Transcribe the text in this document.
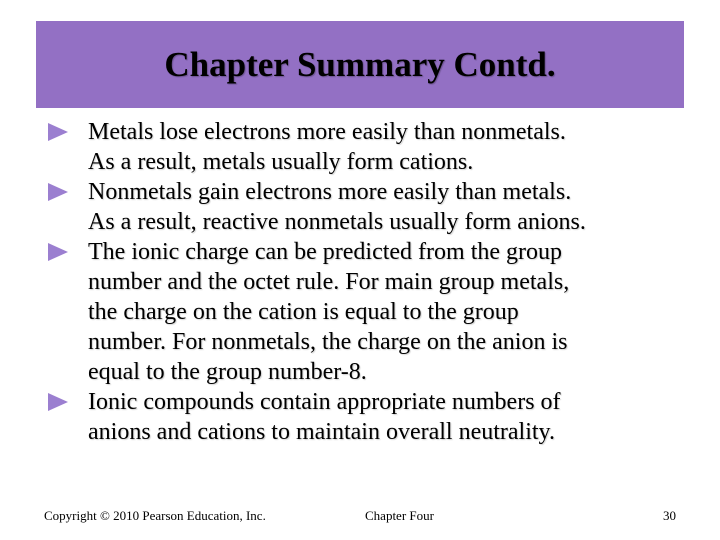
Chapter Summary Contd.
Metals lose electrons more easily than nonmetals.
As a result, metals usually form cations.
Nonmetals gain electrons more easily than metals.
As a result, reactive nonmetals usually form anions.
The ionic charge can be predicted from the group
number and the octet rule. For main group metals,
the charge on the cation is equal to the group
number. For nonmetals, the charge on the anion is
equal to the group number-8.
Ionic compounds contain appropriate numbers of
anions and cations to maintain overall neutrality.
Copyright © 2010 Pearson Education, Inc.	Chapter Four	30
